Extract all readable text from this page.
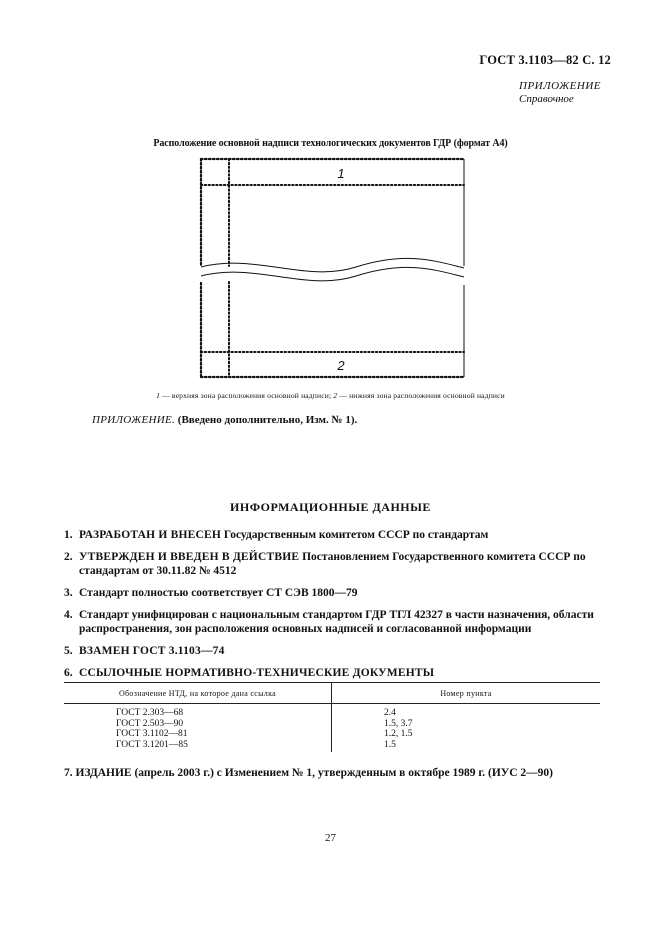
ГОСТ 3.1103—82 С. 12
ПРИЛОЖЕНИЕ
Справочное
Расположение основной надписи технологических документов ГДР (формат А4)
1
2
1 — верхняя зона расположения основной надписи; 2 — нижняя зона расположения основной надписи
ПРИЛОЖЕНИЕ. (Введено дополнительно, Изм. № 1).
ИНФОРМАЦИОННЫЕ ДАННЫЕ
1. РАЗРАБОТАН И ВНЕСЕН Государственным комитетом СССР по стандартам
2. УТВЕРЖДЕН И ВВЕДЕН В ДЕЙСТВИЕ Постановлением Государственного комитета СССР по стандартам от 30.11.82 № 4512
3. Стандарт полностью соответствует СТ СЭВ 1800—79
4. Стандарт унифицирован с национальным стандартом ГДР ТГЛ 42327 в части назначения, области распространения, зон расположения основных надписей и согласованной информации
5. ВЗАМЕН ГОСТ 3.1103—74
6. ССЫЛОЧНЫЕ НОРМАТИВНО-ТЕХНИЧЕСКИЕ ДОКУМЕНТЫ
Обозначение НТД, на которое дана ссылка	Номер пункта
ГОСТ 2.303—68	2.4
ГОСТ 2.503—90	1.5, 3.7
ГОСТ 3.1102—81	1.2, 1.5
ГОСТ 3.1201—85	1.5
7. ИЗДАНИЕ (апрель 2003 г.) с Изменением № 1, утвержденным в октябре 1989 г. (ИУС 2—90)
27
